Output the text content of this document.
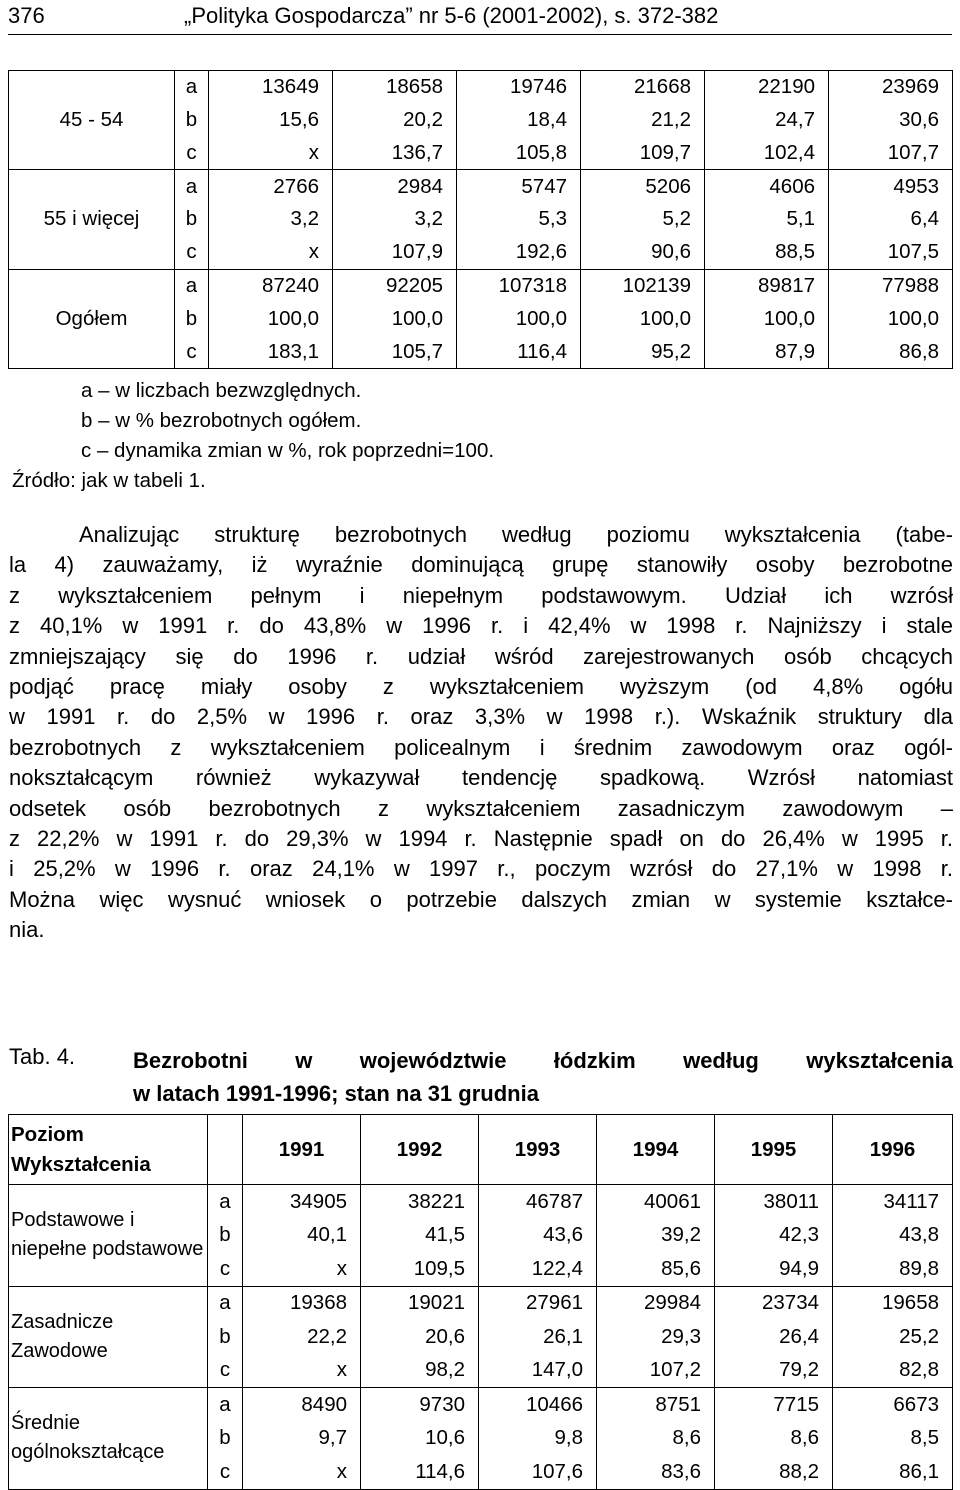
376	„Polityka Gospodarcza” nr 5-6 (2001-2002), s. 372-382
45 - 54	a	13649	18658	19746	21668	22190	23969
	b	15,6	20,2	18,4	21,2	24,7	30,6
	c	x	136,7	105,8	109,7	102,4	107,7
55 i więcej	a	2766	2984	5747	5206	4606	4953
	b	3,2	3,2	5,3	5,2	5,1	6,4
	c	x	107,9	192,6	90,6	88,5	107,5
Ogółem	a	87240	92205	107318	102139	89817	77988
	b	100,0	100,0	100,0	100,0	100,0	100,0
	c	183,1	105,7	116,4	95,2	87,9	86,8
a – w liczbach bezwzględnych.
b – w % bezrobotnych ogółem.
c – dynamika zmian w %, rok poprzedni=100.
Źródło: jak w tabeli 1.
Analizując strukturę bezrobotnych według poziomu wykształcenia (tabe-
la 4) zauważamy, iż wyraźnie dominującą grupę stanowiły osoby bezrobotne
z wykształceniem pełnym i niepełnym podstawowym. Udział ich wzrósł
z 40,1% w 1991 r. do 43,8% w 1996 r. i 42,4% w 1998 r. Najniższy i stale
zmniejszający się do 1996 r. udział wśród zarejestrowanych osób chcących
podjąć pracę miały osoby z wykształceniem wyższym (od 4,8% ogółu
w 1991 r. do 2,5% w 1996 r. oraz 3,3% w 1998 r.). Wskaźnik struktury dla
bezrobotnych z wykształceniem policealnym i średnim zawodowym oraz ogól-
nokształcącym również wykazywał tendencję spadkową. Wzrósł natomiast
odsetek osób bezrobotnych z wykształceniem zasadniczym zawodowym –
z 22,2% w 1991 r. do 29,3% w 1994 r. Następnie spadł on do 26,4% w 1995 r.
i 25,2% w 1996 r. oraz 24,1% w 1997 r., poczym wzrósł do 27,1% w 1998 r.
Można więc wysnuć wniosek o potrzebie dalszych zmian w systemie kształce-
nia.
Tab. 4.	Bezrobotni w województwie łódzkim według wykształcenia
w latach 1991-1996; stan na 31 grudnia
Poziom Wykształcenia		1991	1992	1993	1994	1995	1996
Podstawowe i niepełne podstawowe	a	34905	38221	46787	40061	38011	34117
	b	40,1	41,5	43,6	39,2	42,3	43,8
	c	x	109,5	122,4	85,6	94,9	89,8
Zasadnicze Zawodowe	a	19368	19021	27961	29984	23734	19658
	b	22,2	20,6	26,1	29,3	26,4	25,2
	c	x	98,2	147,0	107,2	79,2	82,8
Średnie ogólnokształcące	a	8490	9730	10466	8751	7715	6673
	b	9,7	10,6	9,8	8,6	8,6	8,5
	c	x	114,6	107,6	83,6	88,2	86,1
